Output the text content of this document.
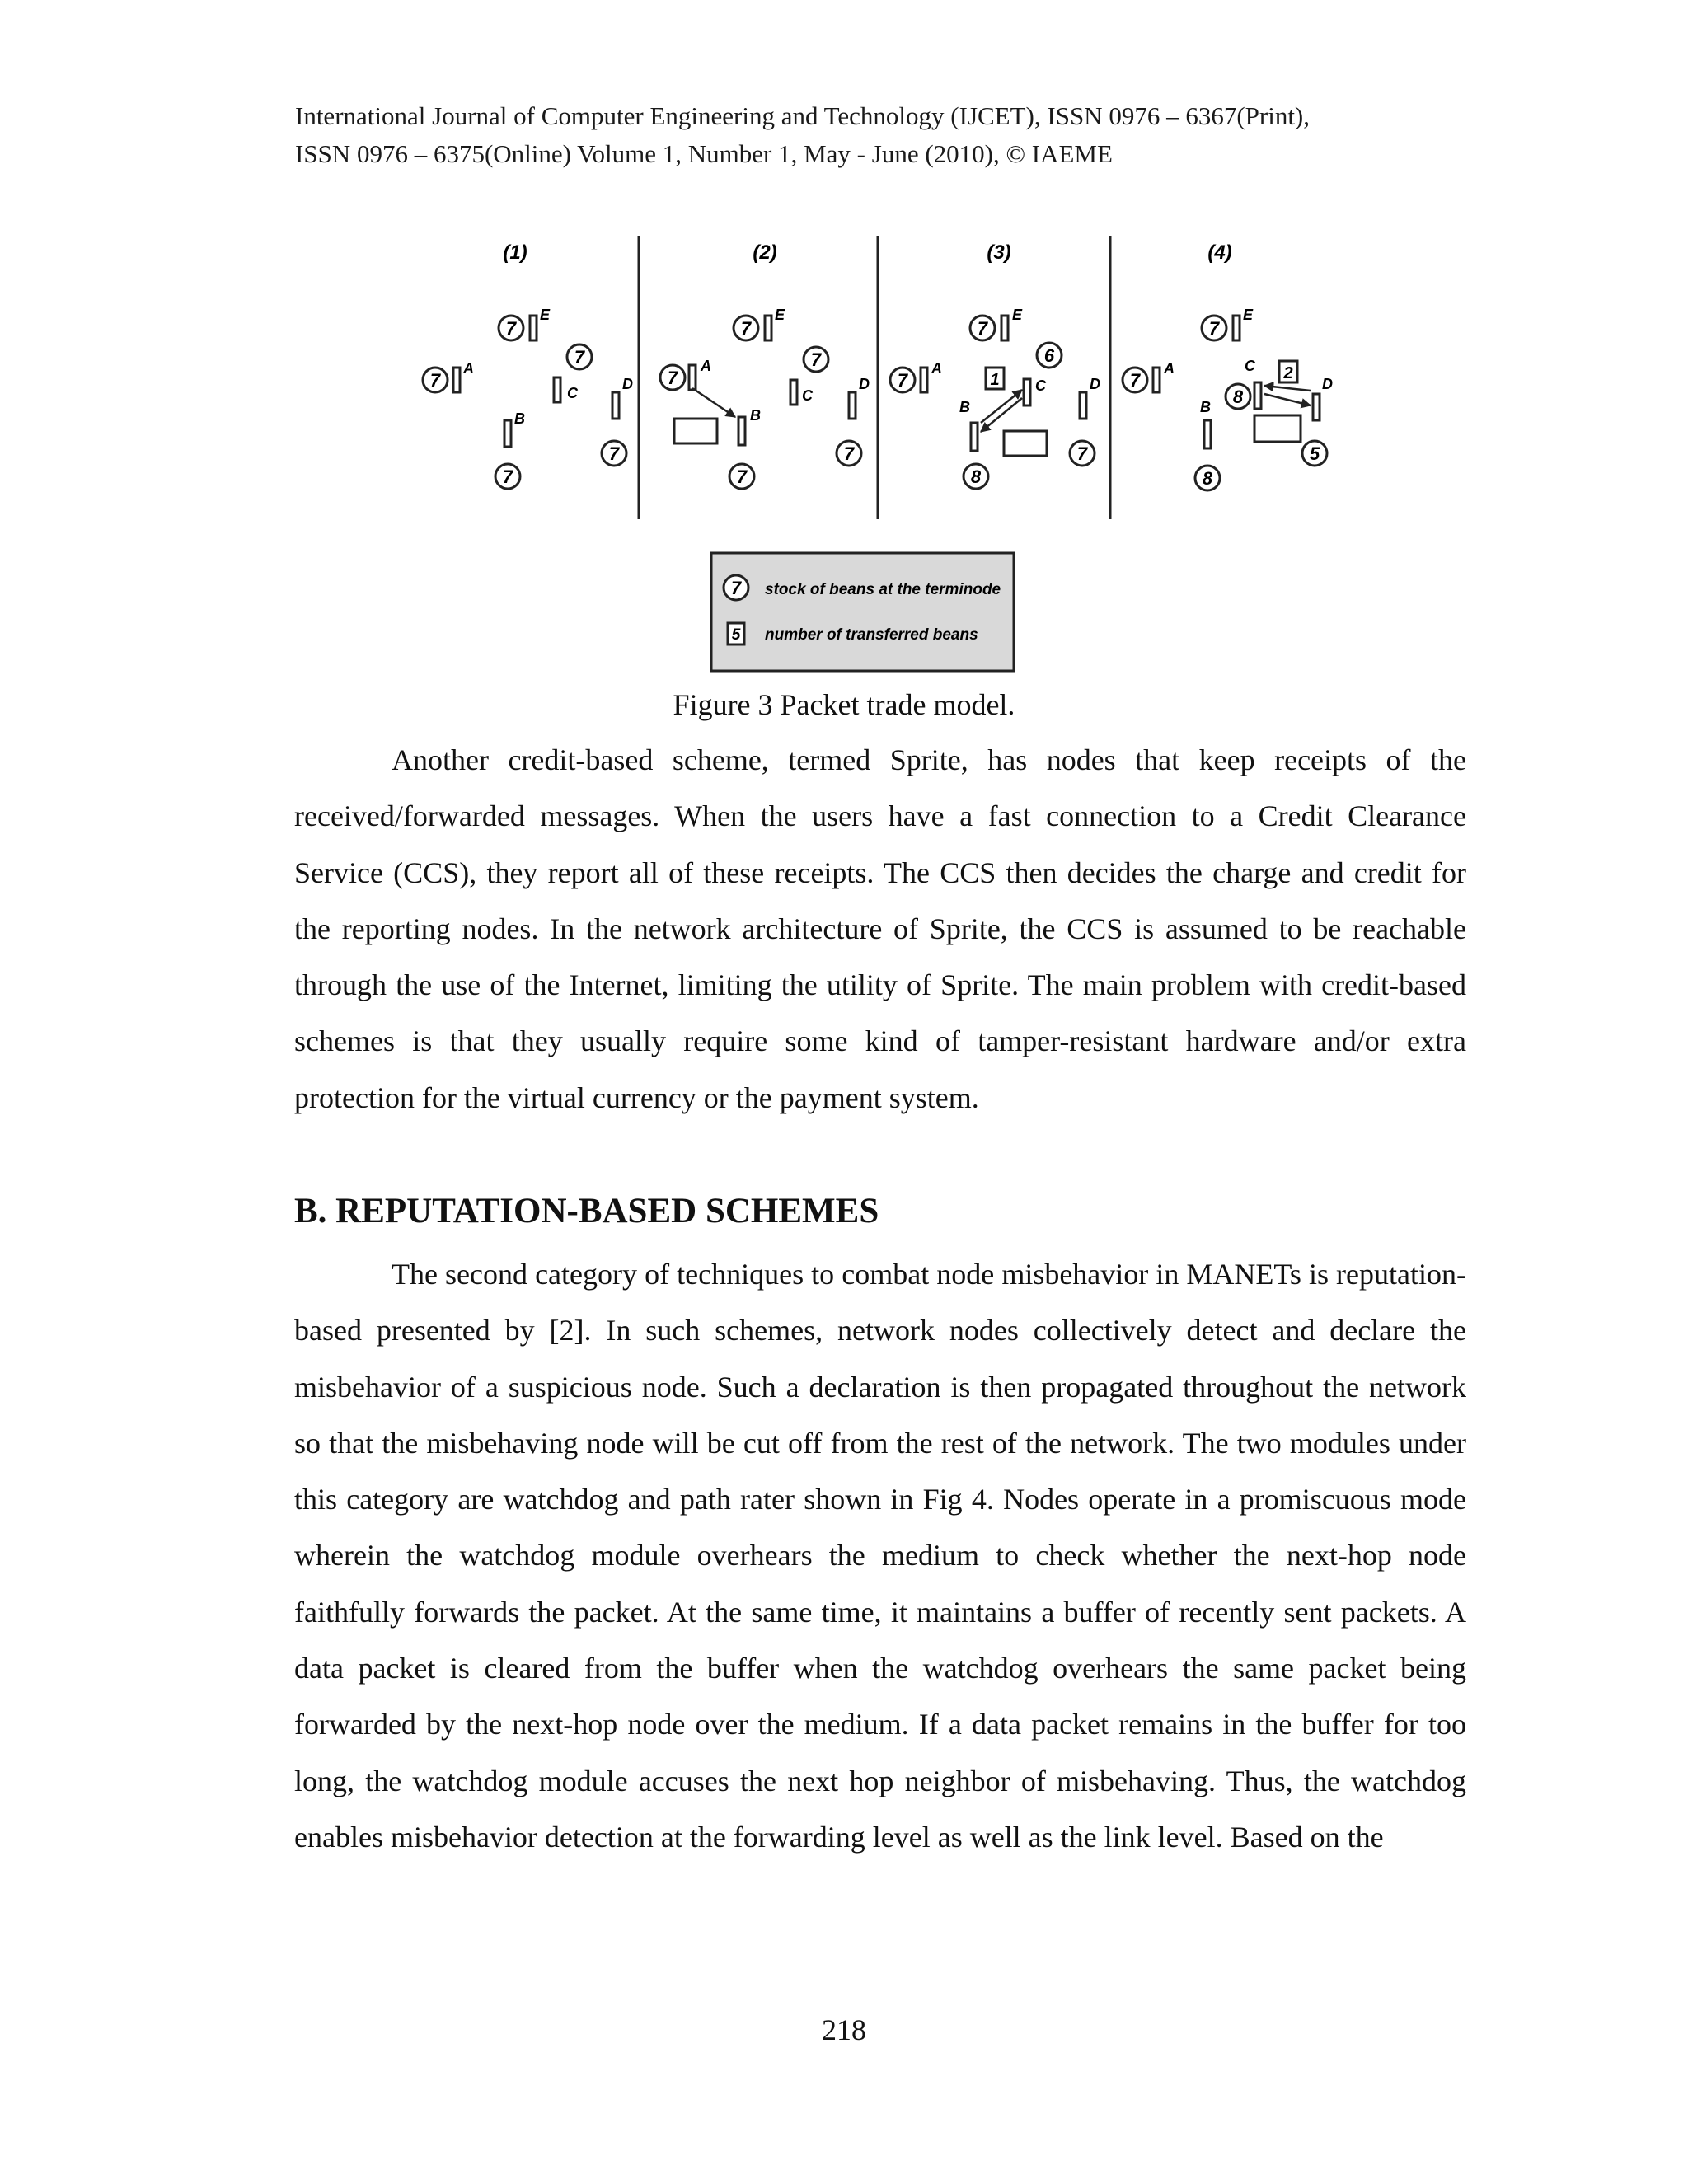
International Journal of Computer Engineering and Technology (IJCET), ISSN 0976 – 6367(Print),
ISSN 0976 – 6375(Online) Volume 1, Number 1, May - June (2010), © IAEME
(1)
7
A
7
E
7
C
B
7
D
7
(2)
7
A
7
E
7
C
B
7
D
7
(3)
7
A
7
E
6
C
B
8
D
7
1
(4)
7
A
7
E
C
8
B
8
D
5
2
7 stock of beans at the terminode
5 number of transferred beans
Figure 3 Packet trade model.

Another credit-based scheme, termed Sprite, has nodes that keep receipts of the received/forwarded messages. When the users have a fast connection to a Credit Clearance Service (CCS), they report all of these receipts. The CCS then decides the charge and credit for the reporting nodes. In the network architecture of Sprite, the CCS is assumed to be reachable through the use of the Internet, limiting the utility of Sprite. The main problem with credit-based schemes is that they usually require some kind of tamper-resistant hardware and/or extra protection for the virtual currency or the payment system.

B. REPUTATION-BASED SCHEMES

The second category of techniques to combat node misbehavior in MANETs is reputation-based presented by [2]. In such schemes, network nodes collectively detect and declare the misbehavior of a suspicious node. Such a declaration is then propagated throughout the network so that the misbehaving node will be cut off from the rest of the network. The two modules under this category are watchdog and path rater shown in Fig 4. Nodes operate in a promiscuous mode wherein the watchdog module overhears the medium to check whether the next-hop node faithfully forwards the packet. At the same time, it maintains a buffer of recently sent packets. A data packet is cleared from the buffer when the watchdog overhears the same packet being forwarded by the next-hop node over the medium. If a data packet remains in the buffer for too long, the watchdog module accuses the next hop neighbor of misbehaving. Thus, the watchdog enables misbehavior detection at the forwarding level as well as the link level. Based on the

218
